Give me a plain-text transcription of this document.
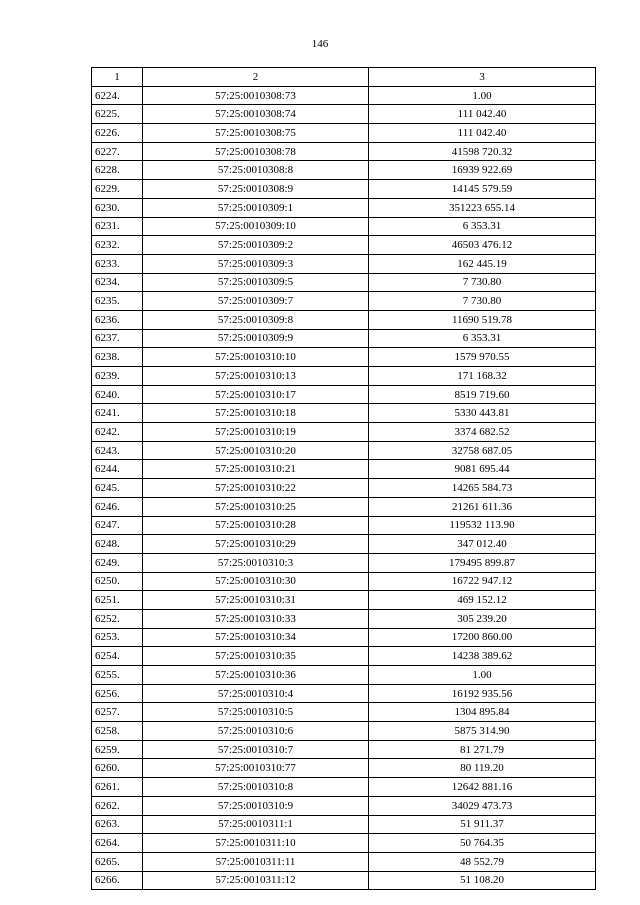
146
1	2	3
6224.	57:25:0010308:73	1.00
6225.	57:25:0010308:74	111 042.40
6226.	57:25:0010308:75	111 042.40
6227.	57:25:0010308:78	41598 720.32
6228.	57:25:0010308:8	16939 922.69
6229.	57:25:0010308:9	14145 579.59
6230.	57:25:0010309:1	351223 655.14
6231.	57:25:0010309:10	6 353.31
6232.	57:25:0010309:2	46503 476.12
6233.	57:25:0010309:3	162 445.19
6234.	57:25:0010309:5	7 730.80
6235.	57:25:0010309:7	7 730.80
6236.	57:25:0010309:8	11690 519.78
6237.	57:25:0010309:9	6 353.31
6238.	57:25:0010310:10	1579 970.55
6239.	57:25:0010310:13	171 168.32
6240.	57:25:0010310:17	8519 719.60
6241.	57:25:0010310:18	5330 443.81
6242.	57:25:0010310:19	3374 682.52
6243.	57:25:0010310:20	32758 687.05
6244.	57:25:0010310:21	9081 695.44
6245.	57:25:0010310:22	14265 584.73
6246.	57:25:0010310:25	21261 611.36
6247.	57:25:0010310:28	119532 113.90
6248.	57:25:0010310:29	347 012.40
6249.	57:25:0010310:3	179495 899.87
6250.	57:25:0010310:30	16722 947.12
6251.	57:25:0010310:31	469 152.12
6252.	57:25:0010310:33	305 239.20
6253.	57:25:0010310:34	17200 860.00
6254.	57:25:0010310:35	14238 389.62
6255.	57:25:0010310:36	1.00
6256.	57:25:0010310:4	16192 935.56
6257.	57:25:0010310:5	1304 895.84
6258.	57:25:0010310:6	5875 314.90
6259.	57:25:0010310:7	81 271.79
6260.	57:25:0010310:77	80 119.20
6261.	57:25:0010310:8	12642 881.16
6262.	57:25:0010310:9	34029 473.73
6263.	57:25:0010311:1	51 911.37
6264.	57:25:0010311:10	50 764.35
6265.	57:25:0010311:11	48 552.79
6266.	57:25:0010311:12	51 108.20
